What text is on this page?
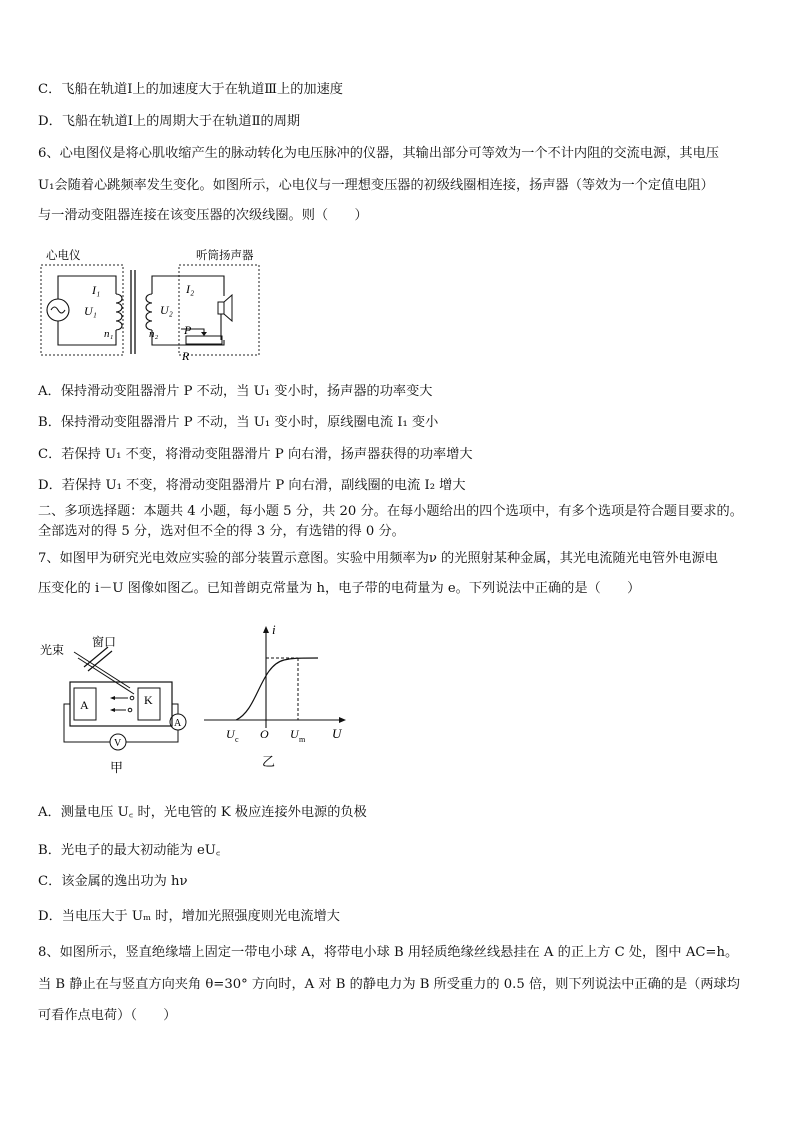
C．飞船在轨道Ⅰ上的加速度大于在轨道Ⅲ上的加速度
D．飞船在轨道Ⅰ上的周期大于在轨道Ⅱ的周期
6、心电图仪是将心肌收缩产生的脉动转化为电压脉冲的仪器，其输出部分可等效为一个不计内阻的交流电源，其电压
U₁会随着心跳频率发生变化。如图所示，心电仪与一理想变压器的初级线圈相连接，扬声器（等效为一个定值电阻）
与一滑动变阻器连接在该变压器的次级线圈。则（　　）
心电仪	听筒扬声器
I₁
U₁
n₁
U₂
n₂
I₂
P
R
A．保持滑动变阻器滑片 P 不动，当 U₁ 变小时，扬声器的功率变大
B．保持滑动变阻器滑片 P 不动，当 U₁ 变小时，原线圈电流 I₁ 变小
C．若保持 U₁ 不变，将滑动变阻器滑片 P 向右滑，扬声器获得的功率增大
D．若保持 U₁ 不变，将滑动变阻器滑片 P 向右滑，副线圈的电流 I₂ 增大
二、多项选择题：本题共 4 小题，每小题 5 分，共 20 分。在每小题给出的四个选项中，有多个选项是符合题目要求的。
全部选对的得 5 分，选对但不全的得 3 分，有选错的得 0 分。
7、如图甲为研究光电效应实验的部分装置示意图。实验中用频率为ν 的光照射某种金属，其光电流随光电管外电源电
压变化的 i－U 图像如图乙。已知普朗克常量为 h，电子带的电荷量为 e。下列说法中正确的是（　　）
光束
窗口
A	K
A
V
甲
i
U
O
U c	U m
乙
A．测量电压 U꜀ 时，光电管的 K 极应连接外电源的负极
B．光电子的最大初动能为 eU꜀
C．该金属的逸出功为 hν
D．当电压大于 Uₘ 时，增加光照强度则光电流增大
8、如图所示，竖直绝缘墙上固定一带电小球 A，将带电小球 B 用轻质绝缘丝线悬挂在 A 的正上方 C 处，图中 AC=h。
当 B 静止在与竖直方向夹角 θ=30° 方向时，A 对 B 的静电力为 B 所受重力的 0.5 倍，则下列说法中正确的是（两球均
可看作点电荷）（　　）
